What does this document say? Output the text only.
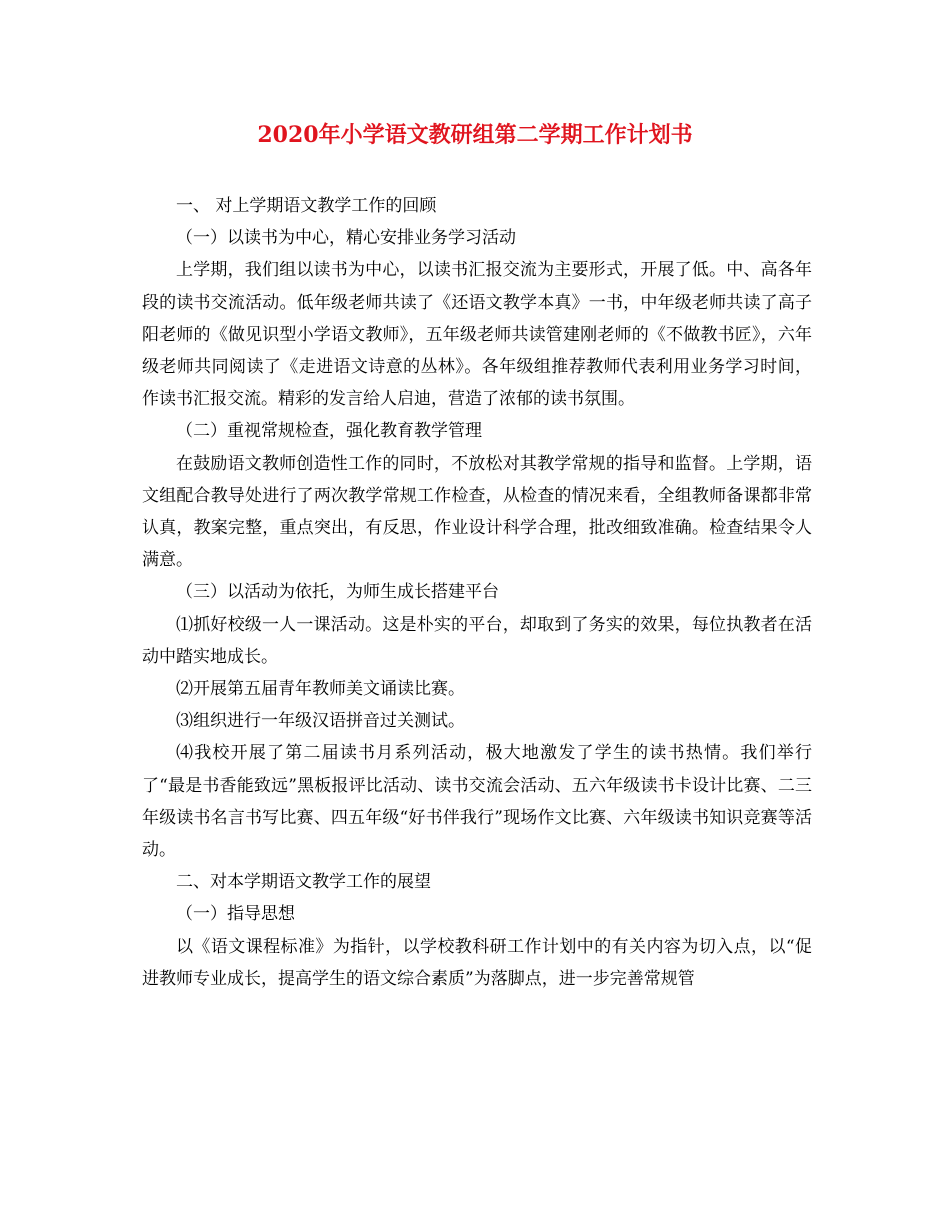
2020年小学语文教研组第二学期工作计划书

一、 对上学期语文教学工作的回顾

（一）以读书为中心，精心安排业务学习活动

上学期，我们组以读书为中心，以读书汇报交流为主要形式，开展了低。中、高各年段的读书交流活动。低年级老师共读了《还语文教学本真》一书，中年级老师共读了高子阳老师的《做见识型小学语文教师》，五年级老师共读管建刚老师的《不做教书匠》，六年级老师共同阅读了《走进语文诗意的丛林》。各年级组推荐教师代表利用业务学习时间，作读书汇报交流。精彩的发言给人启迪，营造了浓郁的读书氛围。

（二）重视常规检查，强化教育教学管理

在鼓励语文教师创造性工作的同时，不放松对其教学常规的指导和监督。上学期，语文组配合教导处进行了两次教学常规工作检查，从检查的情况来看，全组教师备课都非常认真，教案完整，重点突出，有反思，作业设计科学合理，批改细致准确。检查结果令人满意。

（三）以活动为依托，为师生成长搭建平台

⑴抓好校级一人一课活动。这是朴实的平台，却取到了务实的效果，每位执教者在活动中踏实地成长。

⑵开展第五届青年教师美文诵读比赛。

⑶组织进行一年级汉语拼音过关测试。

⑷我校开展了第二届读书月系列活动，极大地激发了学生的读书热情。我们举行了“最是书香能致远”黑板报评比活动、读书交流会活动、五六年级读书卡设计比赛、二三年级读书名言书写比赛、四五年级“好书伴我行”现场作文比赛、六年级读书知识竞赛等活动。

二、对本学期语文教学工作的展望

（一）指导思想

以《语文课程标准》为指针，以学校教科研工作计划中的有关内容为切入点，以“促进教师专业成长，提高学生的语文综合素质”为落脚点，进一步完善常规管
